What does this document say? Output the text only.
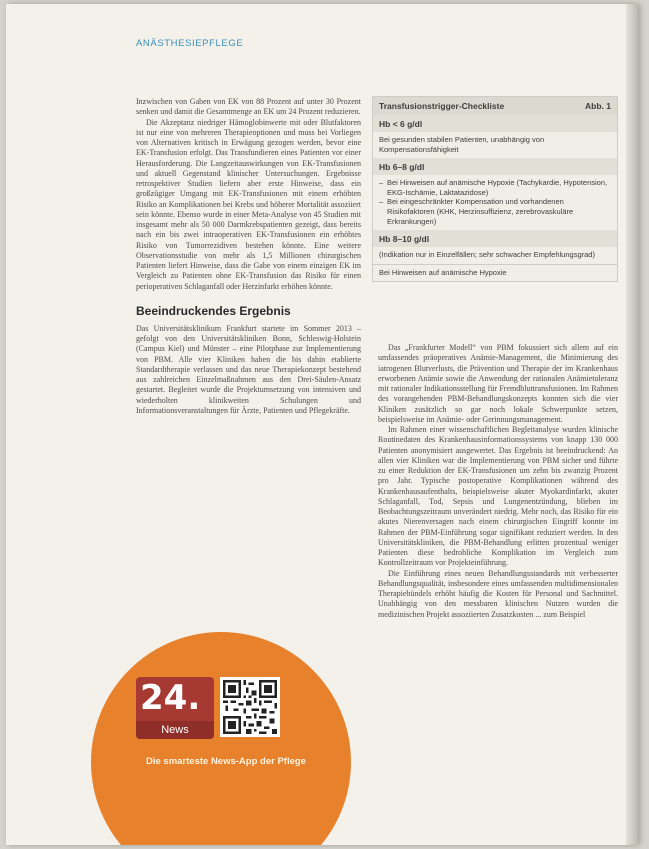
ANÄSTHESIEPFLEGE

Inzwischen von Gaben von EK von 88 Prozent auf unter 30 Prozent senken und damit die Gesamtmenge an EK um 24 Prozent reduzieren.

Die Akzeptanz niedriger Hämoglobinwerte mit oder Blutfaktoren ist nur eine von mehreren Therapieoptionen und muss bei Vorliegen von Alternativen kritisch in Erwägung gezogen werden, bevor eine EK-Transfusion erfolgt. Das Transfundieren eines Patienten vor einer Herausforderung. Die Langzeitauswirkungen von EK-Transfusionen und aktuell Gegenstand klinischer Untersuchungen. Ergebnisse retrospektiver Studien liefern aber erste Hinweise, dass ein großzügiger Umgang mit EK-Transfusionen mit einem erhöhten Risiko an Komplikationen bei Krebs und höherer Mortalität assoziiert sein könnte. Ebenso wurde in einer Meta-Analyse von 45 Studien mit insgesamt mehr als 50 000 Darmkrebspatienten gezeigt, dass bereits nach ein bis zwei intraoperativen EK-Transfusionen ein erhöhtes Risiko von Tumorrezidiven bestehen könnte. Eine weitere Observationsstudie von mehr als 1,5 Millionen chirurgischen Patienten liefert Hinweise, dass die Gabe von einem einzigen EK im Vergleich zu Patienten ohne EK-Transfusion das Risiko für einen perioperativen Schlaganfall oder Herzinfarkt erhöhen könnte.

Beeindruckendes Ergebnis

Das Universitätsklinikum Frankfurt startete im Sommer 2013 – gefolgt von den Universitätskliniken Bonn, Schleswig-Holstein (Campus Kiel) und Münster – eine Pilotphase zur Implementierung von PBM. Alle vier Kliniken haben die bis dahin etablierte Standardtherapie verlassen und das neue Therapiekonzept bestehend aus zahlreichen Einzelmaßnahmen aus den Drei-Säulen-Ansatz gestartet. Begleitet wurde die Projektumsetzung von intensiven und wiederholten klinikweiten Schulungen und Informationsveranstaltungen für Ärzte, Patienten und Pflegekräfte.

Transfusionstrigger-Checkliste	Abb. 1
Hb < 6 g/dl
Bei gesunden stabilen Patienten, unabhängig von Kompensationsfähigkeit
Hb 6–8 g/dl
– Bei Hinweisen auf anämische Hypoxie (Tachykardie, Hypotension, EKG-Ischämie, Laktatazidose)
– Bei eingeschränkter Kompensation und vorhandenen Risikofaktoren (KHK, Herzinsuffizienz, zerebrovaskuläre Erkrankungen)
Hb 8–10 g/dl
(Indikation nur in Einzelfällen; sehr schwacher Empfehlungsgrad)
Bei Hinweisen auf anämische Hypoxie

Das „Frankfurter Modell“ von PBM fokussiert sich allem auf ein umfassendes präoperatives Anämie-Management, die Minimierung des iatrogenen Blutverlusts, die Prävention und Therapie der im Krankenhaus erworbenen Anämie sowie die Anwendung der rationalen Anämietoleranz mit rationaler Indikationsstellung für Fremdbluttransfusionen. Im Rahmen des vorangehenden PBM-Behandlungskonzepts konnten sich die vier Kliniken zusätzlich so gar noch lokale Schwerpunkte setzen, beispielsweise im Anämie- oder Gerinnungsmanagement.

Im Rahmen einer wissenschaftlichen Begleitanalyse wurden klinische Routinedaten des Krankenhausinformationssystems von knapp 130 000 Patienten anonymisiert ausgewertet. Das Ergebnis ist beeindruckend: An allen vier Kliniken war die Implementierung von PBM sicher und führte zu einer Reduktion der EK-Transfusionen um zehn bis zwanzig Prozent pro Jahr. Typische postoperative Komplikationen während des Krankenhausaufenthalts, beispielsweise akuter Myokardinfarkt, akuter Schlaganfall, Tod, Sepsis und Lungenentzündung, blieben im Beobachtungszeitraum unverändert niedrig. Mehr noch, das Risiko für ein akutes Nierenversagen nach einem chirurgischen Eingriff konnte im Rahmen der PBM-Einführung sogar signifikant reduziert werden. In den Universitätskliniken, die PBM-Behandlung erlitten prozentual weniger Patienten diese bedrohliche Komplikation im Vergleich zum Kontrollzeitraum vor Projekteinführung.

Die Einführung eines neuen Behandlungsstandards mit verbesserter Behandlungsqualität, insbesondere eines umfassenden multidimensionalen Therapiebündels erhöht häufig die Kosten für Personal und Sachmittel. Unabhängig von den messbaren klinischen Nutzen wurden die medizinischen Projekt assoziierten Zusatzkosten ... zum Beispiel

24.
News
Die smarteste News-App der Pflege
